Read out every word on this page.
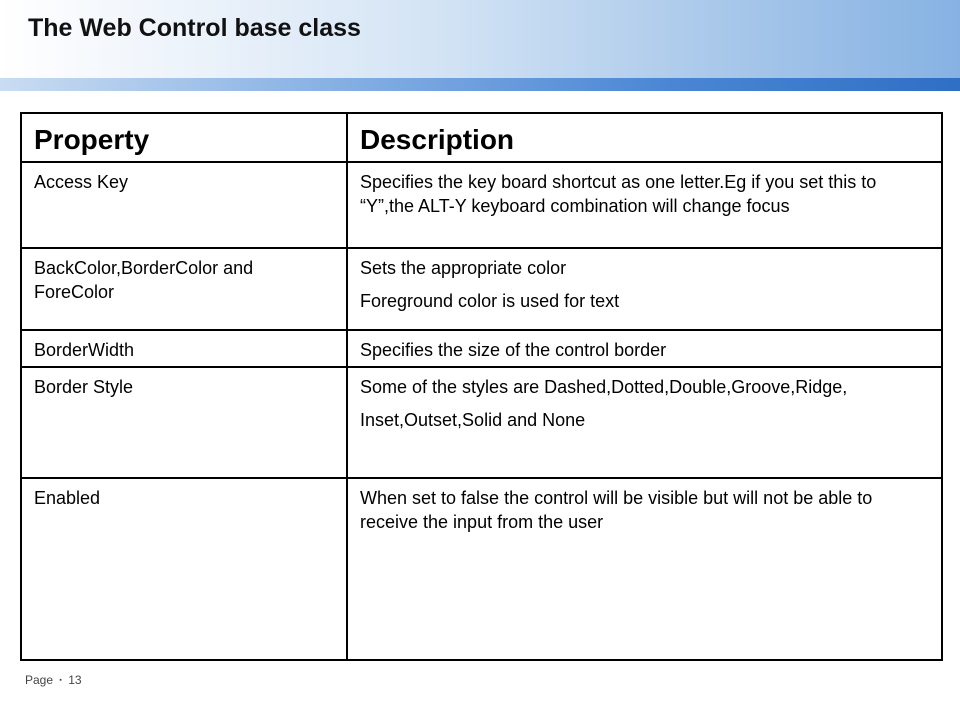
The Web Control base class
Property	Description
Access Key	Specifies the key board shortcut as one letter.Eg if you set this to “Y”,the ALT-Y keyboard combination will change focus

BackColor,BorderColor and ForeColor	Sets the appropriate color

Foreground color is used for text

BorderWidth	Specifies the size of the control border

Border Style	Some of the styles are Dashed,Dotted,Double,Groove,Ridge,

Inset,Outset,Solid and None

Enabled	When set to false the control will be visible but will not be able to receive the input from the user

Page ▪ 13
